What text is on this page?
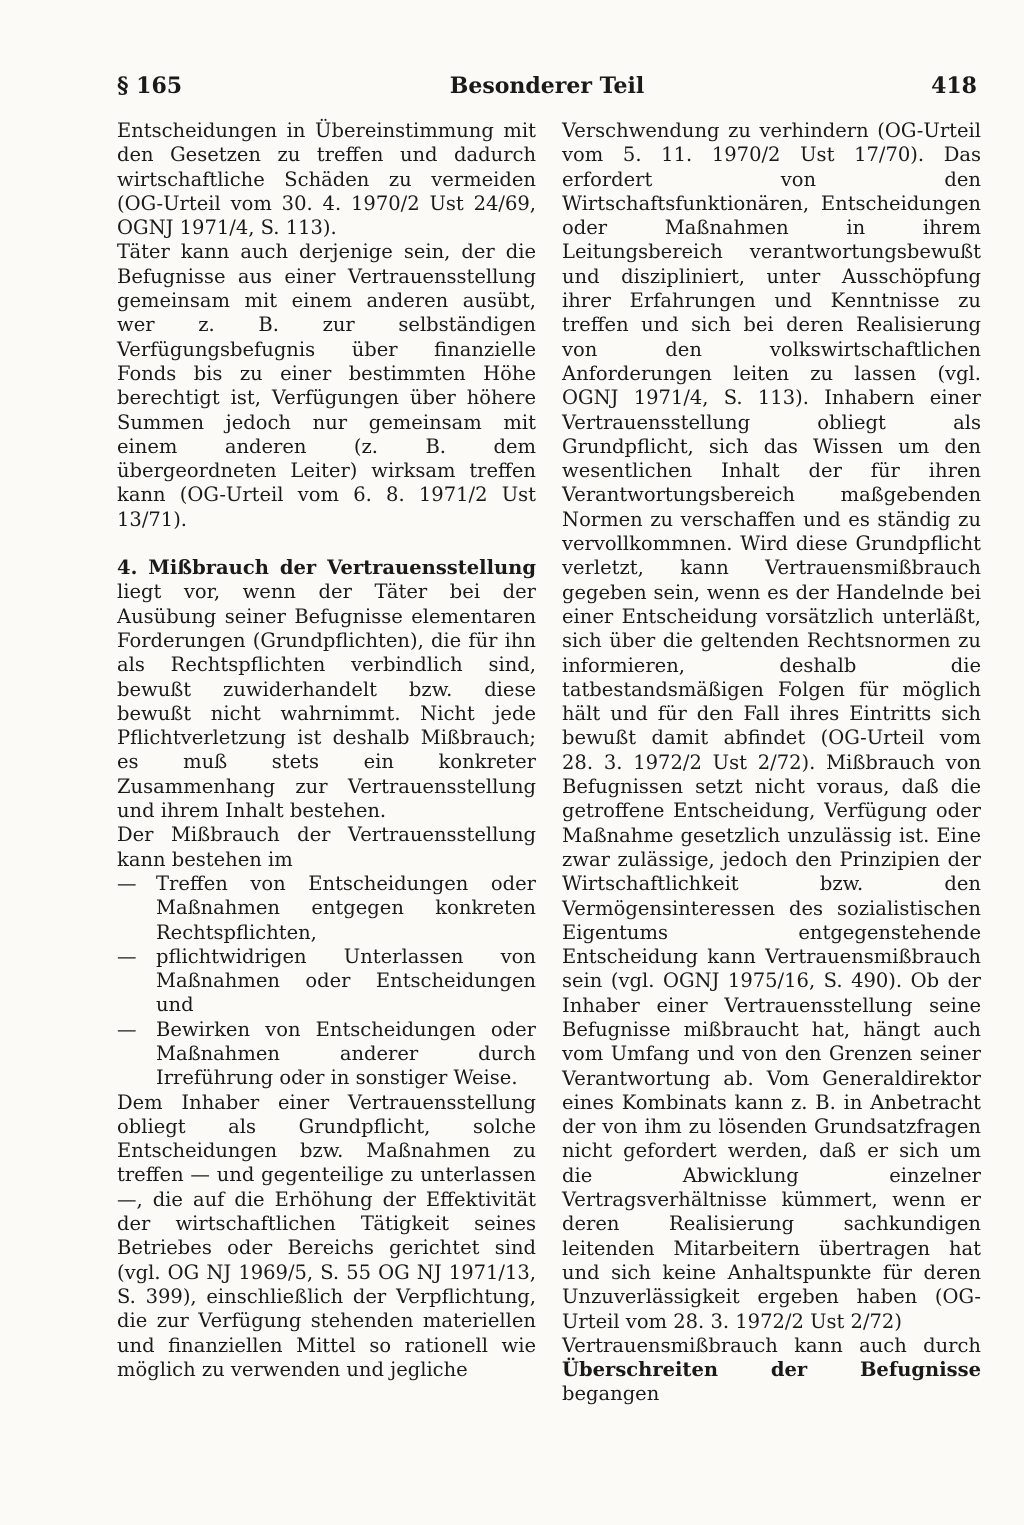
§ 165	Besonderer Teil	418

Entscheidungen in Übereinstimmung mit den Gesetzen zu treffen und dadurch wirtschaftliche Schäden zu vermeiden (OG-Urteil vom 30. 4. 1970/2 Ust 24/69, OGNJ 1971/4, S. 113).

Täter kann auch derjenige sein, der die Befugnisse aus einer Vertrauensstellung gemeinsam mit einem anderen ausübt, wer z. B. zur selbständigen Verfügungsbefugnis über finanzielle Fonds bis zu einer bestimmten Höhe berechtigt ist, Verfügungen über höhere Summen jedoch nur gemeinsam mit einem anderen (z. B. dem übergeordneten Leiter) wirksam treffen kann (OG-Urteil vom 6. 8. 1971/2 Ust 13/71).

4. Mißbrauch der Vertrauensstellung liegt vor, wenn der Täter bei der Ausübung seiner Befugnisse elementaren Forderungen (Grundpflichten), die für ihn als Rechtspflichten verbindlich sind, bewußt zuwiderhandelt bzw. diese bewußt nicht wahrnimmt. Nicht jede Pflichtverletzung ist deshalb Mißbrauch; es muß stets ein konkreter Zusammenhang zur Vertrauensstellung und ihrem Inhalt bestehen.

Der Mißbrauch der Vertrauensstellung kann bestehen im

—	Treffen von Entscheidungen oder Maßnahmen entgegen konkreten Rechtspflichten,
—	pflichtwidrigen Unterlassen von Maßnahmen oder Entscheidungen und
—	Bewirken von Entscheidungen oder Maßnahmen anderer durch Irreführung oder in sonstiger Weise.

Dem Inhaber einer Vertrauensstellung obliegt als Grundpflicht, solche Entscheidungen bzw. Maßnahmen zu treffen — und gegenteilige zu unterlassen —, die auf die Erhöhung der Effektivität der wirtschaftlichen Tätigkeit seines Betriebes oder Bereichs gerichtet sind (vgl. OG NJ 1969/5, S. 55 OG NJ 1971/13, S. 399), einschließlich der Verpflichtung, die zur Verfügung stehenden materiellen und finanziellen Mittel so rationell wie möglich zu verwenden und jegliche

Verschwendung zu verhindern (OG-Urteil vom 5. 11. 1970/2 Ust 17/70). Das erfordert von den Wirtschaftsfunktionären, Entscheidungen oder Maßnahmen in ihrem Leitungsbereich verantwortungsbewußt und diszipliniert, unter Ausschöpfung ihrer Erfahrungen und Kenntnisse zu treffen und sich bei deren Realisierung von den volkswirtschaftlichen Anforderungen leiten zu lassen (vgl. OGNJ 1971/4, S. 113). Inhabern einer Vertrauensstellung obliegt als Grundpflicht, sich das Wissen um den wesentlichen Inhalt der für ihren Verantwortungsbereich maßgebenden Normen zu verschaffen und es ständig zu vervollkommnen. Wird diese Grundpflicht verletzt, kann Vertrauensmißbrauch gegeben sein, wenn es der Handelnde bei einer Entscheidung vorsätzlich unterläßt, sich über die geltenden Rechtsnormen zu informieren, deshalb die tatbestandsmäßigen Folgen für möglich hält und für den Fall ihres Eintritts sich bewußt damit abfindet (OG-Urteil vom 28. 3. 1972/2 Ust 2/72). Mißbrauch von Befugnissen setzt nicht voraus, daß die getroffene Entscheidung, Verfügung oder Maßnahme gesetzlich unzulässig ist. Eine zwar zulässige, jedoch den Prinzipien der Wirtschaftlichkeit bzw. den Vermögensinteressen des sozialistischen Eigentums entgegenstehende Entscheidung kann Vertrauensmißbrauch sein (vgl. OGNJ 1975/16, S. 490). Ob der Inhaber einer Vertrauensstellung seine Befugnisse mißbraucht hat, hängt auch vom Umfang und von den Grenzen seiner Verantwortung ab. Vom Generaldirektor eines Kombinats kann z. B. in Anbetracht der von ihm zu lösenden Grundsatzfragen nicht gefordert werden, daß er sich um die Abwicklung einzelner Vertragsverhältnisse kümmert, wenn er deren Realisierung sachkundigen leitenden Mitarbeitern übertragen hat und sich keine Anhaltspunkte für deren Unzuverlässigkeit ergeben haben (OG-Urteil vom 28. 3. 1972/2 Ust 2/72)

Vertrauensmißbrauch kann auch durch Überschreiten der Befugnisse begangen
